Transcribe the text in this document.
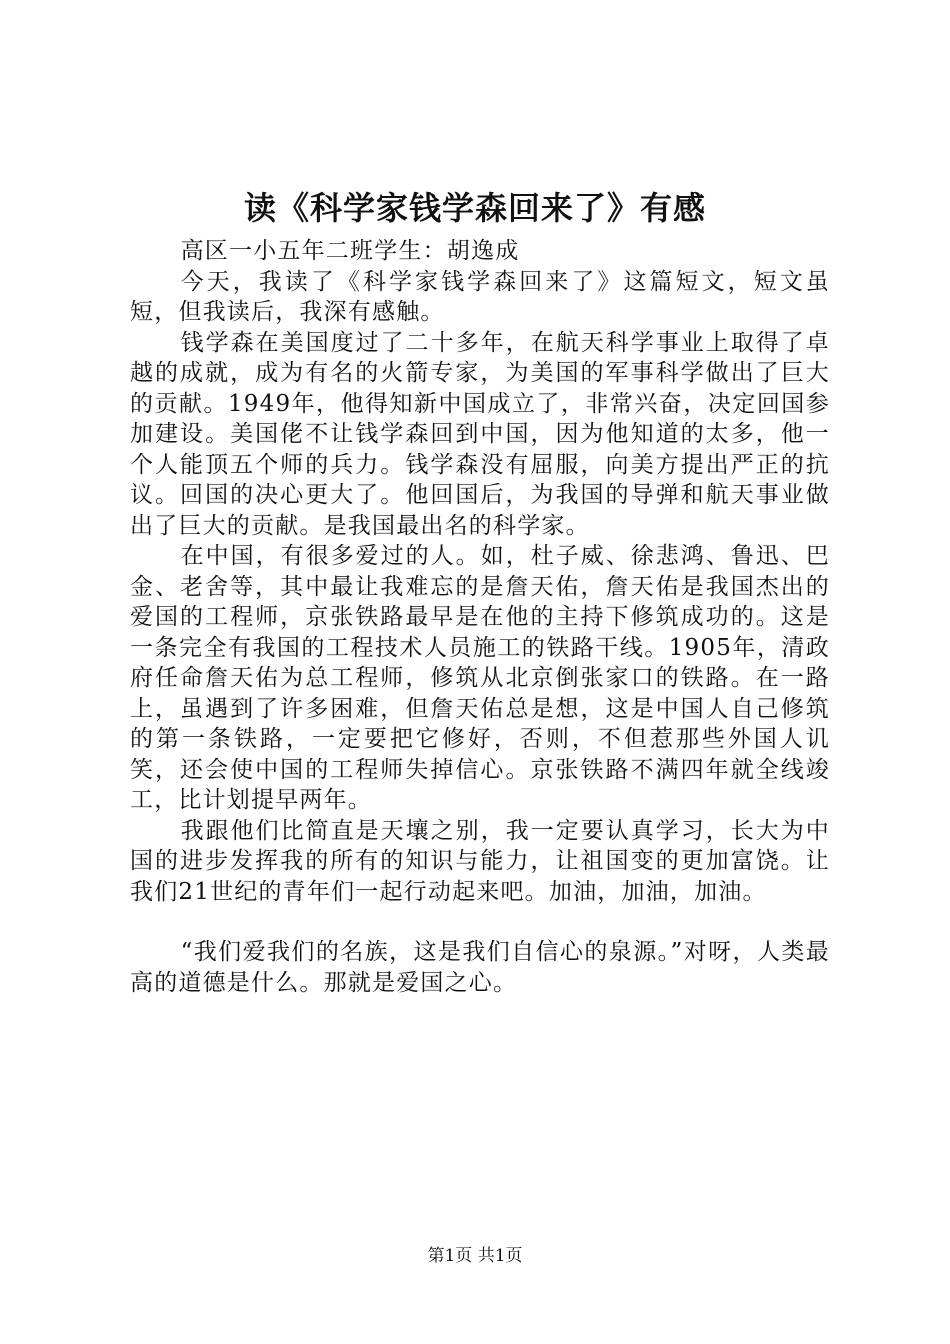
读《科学家钱学森回来了》有感

高区一小五年二班学生：胡逸成

今天，我读了《科学家钱学森回来了》这篇短文，短文虽短，但我读后，我深有感触。

钱学森在美国度过了二十多年，在航天科学事业上取得了卓越的成就，成为有名的火箭专家，为美国的军事科学做出了巨大的贡献。1949年，他得知新中国成立了，非常兴奋，决定回国参加建设。美国佬不让钱学森回到中国，因为他知道的太多，他一个人能顶五个师的兵力。钱学森没有屈服，向美方提出严正的抗议。回国的决心更大了。他回国后，为我国的导弹和航天事业做出了巨大的贡献。是我国最出名的科学家。

在中国，有很多爱过的人。如，杜子威、徐悲鸿、鲁迅、巴金、老舍等，其中最让我难忘的是詹天佑，詹天佑是我国杰出的爱国的工程师，京张铁路最早是在他的主持下修筑成功的。这是一条完全有我国的工程技术人员施工的铁路干线。1905年，清政府任命詹天佑为总工程师，修筑从北京倒张家口的铁路。在一路上，虽遇到了许多困难，但詹天佑总是想，这是中国人自己修筑的第一条铁路，一定要把它修好，否则，不但惹那些外国人讥笑，还会使中国的工程师失掉信心。京张铁路不满四年就全线竣工，比计划提早两年。

我跟他们比简直是天壤之别，我一定要认真学习，长大为中国的进步发挥我的所有的知识与能力，让祖国变的更加富饶。让我们21世纪的青年们一起行动起来吧。加油，加油，加油。

“我们爱我们的名族，这是我们自信心的泉源。”对呀，人类最高的道德是什么。那就是爱国之心。

第1页 共1页
